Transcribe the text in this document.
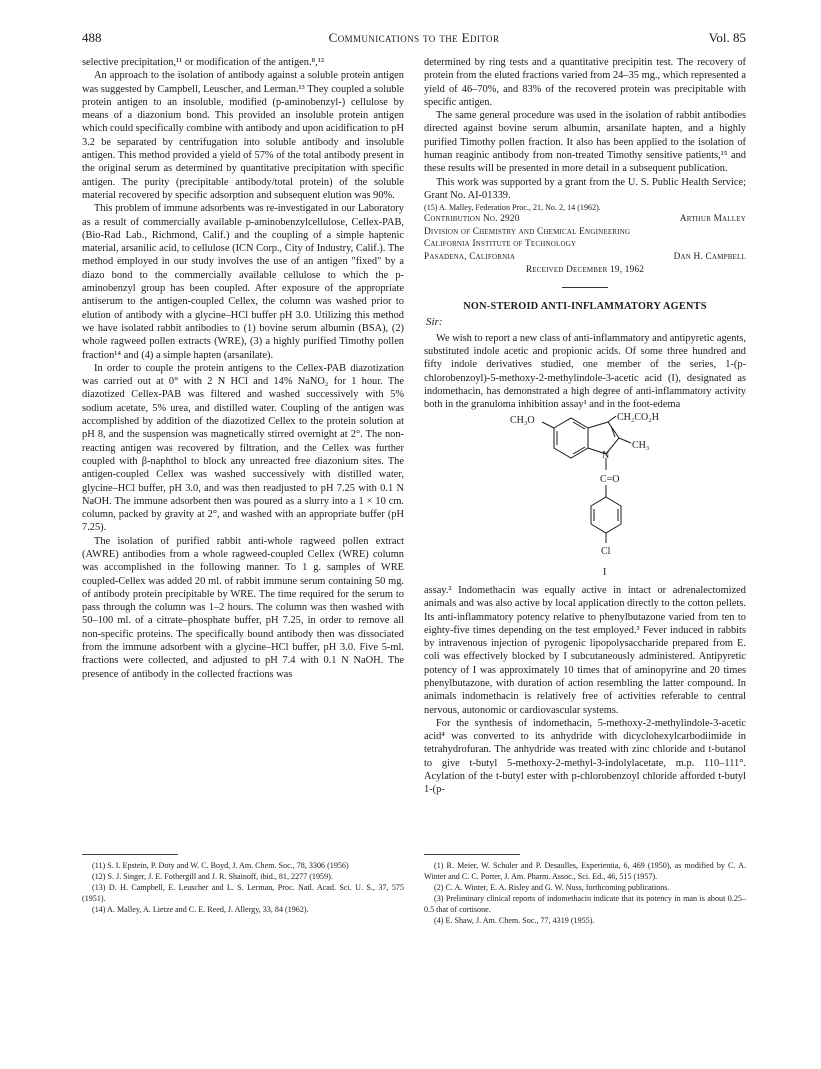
488	Communications to the Editor	Vol. 85

selective precipitation,¹¹ or modification of the antigen.⁸,¹²

An approach to the isolation of antibody against a soluble protein antigen was suggested by Campbell, Leuscher, and Lerman.¹³ They coupled a soluble protein antigen to an insoluble, modified (p-aminobenzyl-) cellulose by means of a diazonium bond. This provided an insoluble protein antigen which could specifically combine with antibody and upon acidification to pH 3.2 be separated by centrifugation into soluble antibody and insoluble antigen. This method provided a yield of 57% of the total antibody present in the original serum as determined by quantitative precipitation with specific antigen. The purity (precipitable antibody/total protein) of the soluble material recovered by specific adsorption and subsequent elution was 90%.

This problem of immune adsorbents was re-investigated in our Laboratory as a result of commercially available p-aminobenzylcellulose, Cellex-PAB, (Bio-Rad Lab., Richmond, Calif.) and the coupling of a simple haptenic material, arsanilic acid, to cellulose (ICN Corp., City of Industry, Calif.). The method employed in our study involves the use of an antigen "fixed" by a diazo bond to the commercially available cellulose to which the p-aminobenzyl group has been coupled. After exposure of the appropriate antiserum to the antigen-coupled Cellex, the column was washed prior to elution of antibody with a glycine–HCl buffer pH 3.0. Utilizing this method we have isolated rabbit antibodies to (1) bovine serum albumin (BSA), (2) whole ragweed pollen extracts (WRE), (3) a highly purified Timothy pollen fraction¹⁴ and (4) a simple hapten (arsanilate).

In order to couple the protein antigens to the Cellex-PAB diazotization was carried out at 0° with 2 N HCl and 14% NaNO₂ for 1 hour. The diazotized Cellex-PAB was filtered and washed successively with 5% sodium acetate, 5% urea, and distilled water. Coupling of the antigen was accomplished by addition of the diazotized Cellex to the protein solution at pH 8, and the suspension was magnetically stirred overnight at 2°. The non-reacting antigen was recovered by filtration, and the Cellex was further coupled with β-naphthol to block any unreacted free diazonium sites. The antigen-coupled Cellex was washed successively with distilled water, glycine–HCl buffer, pH 3.0, and was then readjusted to pH 7.25 with 0.1 N NaOH. The immune adsorbent then was poured as a slurry into a 1 × 10 cm. column, packed by gravity at 2°, and washed with an appropriate buffer (pH 7.25).

The isolation of purified rabbit anti-whole ragweed pollen extract (AWRE) antibodies from a whole ragweed-coupled Cellex (WRE) column was accomplished in the following manner. To 1 g. samples of WRE coupled-Cellex was added 20 ml. of rabbit immune serum containing 50 mg. of antibody protein precipitable by WRE. The time required for the serum to pass through the column was 1–2 hours. The column was then washed with 50–100 ml. of a citrate–phosphate buffer, pH 7.25, in order to remove all non-specific proteins. The specifically bound antibody then was dissociated from the immune adsorbent with a glycine–HCl buffer, pH 3.0. Five 5-ml. fractions were collected, and adjusted to pH 7.4 with 0.1 N NaOH. The presence of antibody in the collected fractions was

determined by ring tests and a quantitative precipitin test. The recovery of protein from the eluted fractions varied from 24–35 mg., which represented a yield of 46–70%, and 83% of the recovered protein was precipitable with specific antigen.

The same general procedure was used in the isolation of rabbit antibodies directed against bovine serum albumin, arsanilate hapten, and a highly purified Timothy pollen fraction. It also has been applied to the isolation of human reaginic antibody from non-treated Timothy sensitive patients,¹⁵ and these results will be presented in more detail in a subsequent publication.

This work was supported by a grant from the U. S. Public Health Service; Grant No. AI-01339.

(15) A. Malley, Federation Proc., 21, No. 2, 14 (1962).

Contribution No. 2920	Arthur Malley
Division of Chemistry and Chemical Engineering
California Institute of Technology
Pasadena, California	Dan H. Campbell
Received December 19, 1962
NON-STEROID ANTI-INFLAMMATORY AGENTS
Sir:

We wish to report a new class of anti-inflammatory and antipyretic agents, substituted indole acetic and propionic acids. Of some three hundred and fifty indole derivatives studied, one member of the series, 1-(p-chlorobenzoyl)-5-methoxy-2-methylindole-3-acetic acid (I), designated as indomethacin, has demonstrated a high degree of anti-inflammatory activity both in the granuloma inhibition assay¹ and in the foot-edema

CH₃O	CH₂CO₂H
CH₃
N
C=O
Cl
I

assay.² Indomethacin was equally active in intact or adrenalectomized animals and was also active by local application directly to the cotton pellets. Its anti-inflammatory potency relative to phenylbutazone varied from ten to eighty-five times depending on the test employed.³ Fever induced in rabbits by intravenous injection of pyrogenic lipopolysaccharide prepared from E. coli was effectively blocked by I subcutaneously administered. Antipyretic potency of I was approximately 10 times that of aminopyrine and 20 times phenylbutazone, with duration of action resembling the latter compound. In animals indomethacin is relatively free of activities referable to central nervous, autonomic or cardiovascular systems.

For the synthesis of indomethacin, 5-methoxy-2-methylindole-3-acetic acid⁴ was converted to its anhydride with dicyclohexylcarbodiimide in tetrahydrofuran. The anhydride was treated with zinc chloride and t-butanol to give t-butyl 5-methoxy-2-methyl-3-indolylacetate, m.p. 110–111°. Acylation of the t-butyl ester with p-chlorobenzoyl chloride afforded t-butyl 1-(p-

(11) S. I. Epstein, P. Doty and W. C. Boyd, J. Am. Chem. Soc., 78, 3306 (1956)

(12) S. J. Singer, J. E. Fothergill and J. R. Shainoff, ibid., 81, 2277 (1959).

(13) D. H. Campbell, E. Leuscher and L. S. Lerman, Proc. Natl. Acad. Sci. U. S., 37, 575 (1951).

(14) A. Malley, A. Lietze and C. E. Reed, J. Allergy, 33, 84 (1962).

(1) R. Meier, W. Schuler and P. Desaulles, Experientia, 6, 469 (1950), as modified by C. A. Winter and C. C. Porter, J. Am. Pharm. Assoc., Sci. Ed., 46, 515 (1957).

(2) C. A. Winter, E. A. Risley and G. W. Nuss, forthcoming publications.

(3) Preliminary clinical reports of indomethacin indicate that its potency in man is about 0.25–0.5 that of cortisone.

(4) E. Shaw, J. Am. Chem. Soc., 77, 4319 (1955).
